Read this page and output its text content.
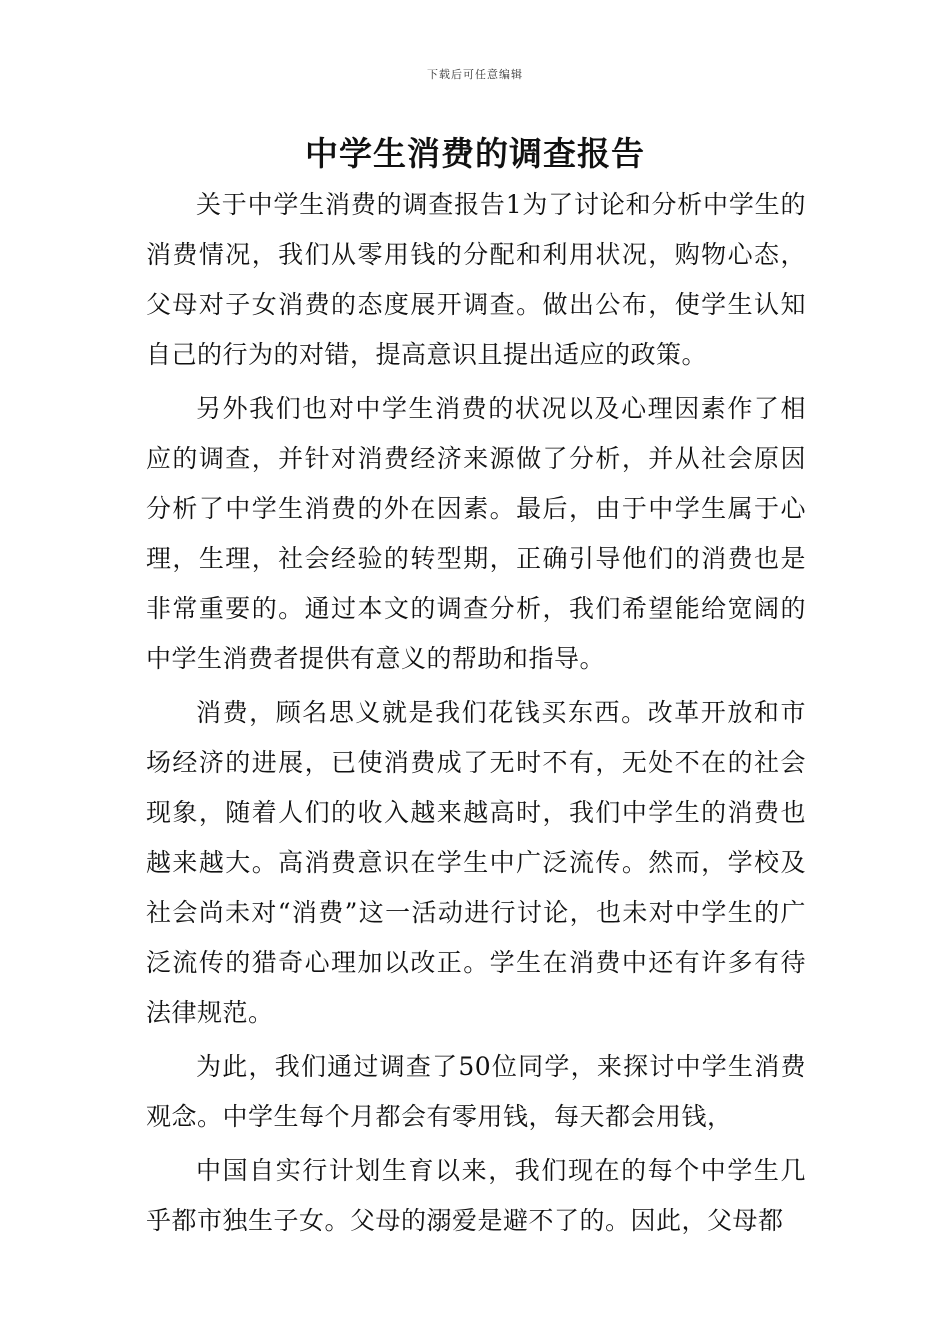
下载后可任意编辑
中学生消费的调查报告

关于中学生消费的调查报告1为了讨论和分析中学生的消费情况，我们从零用钱的分配和利用状况，购物心态，父母对子女消费的态度展开调查。做出公布，使学生认知自己的行为的对错，提高意识且提出适应的政策。

另外我们也对中学生消费的状况以及心理因素作了相应的调查，并针对消费经济来源做了分析，并从社会原因分析了中学生消费的外在因素。最后，由于中学生属于心理，生理，社会经验的转型期，正确引导他们的消费也是非常重要的。通过本文的调查分析，我们希望能给宽阔的中学生消费者提供有意义的帮助和指导。

消费，顾名思义就是我们花钱买东西。改革开放和市场经济的进展，已使消费成了无时不有，无处不在的社会现象，随着人们的收入越来越高时，我们中学生的消费也越来越大。高消费意识在学生中广泛流传。然而，学校及社会尚未对“消费”这一活动进行讨论，也未对中学生的广泛流传的猎奇心理加以改正。学生在消费中还有许多有待法律规范。

为此，我们通过调查了50位同学，来探讨中学生消费观念。中学生每个月都会有零用钱，每天都会用钱，

中国自实行计划生育以来，我们现在的每个中学生几乎都市独生子女。父母的溺爱是避不了的。因此，父母都
